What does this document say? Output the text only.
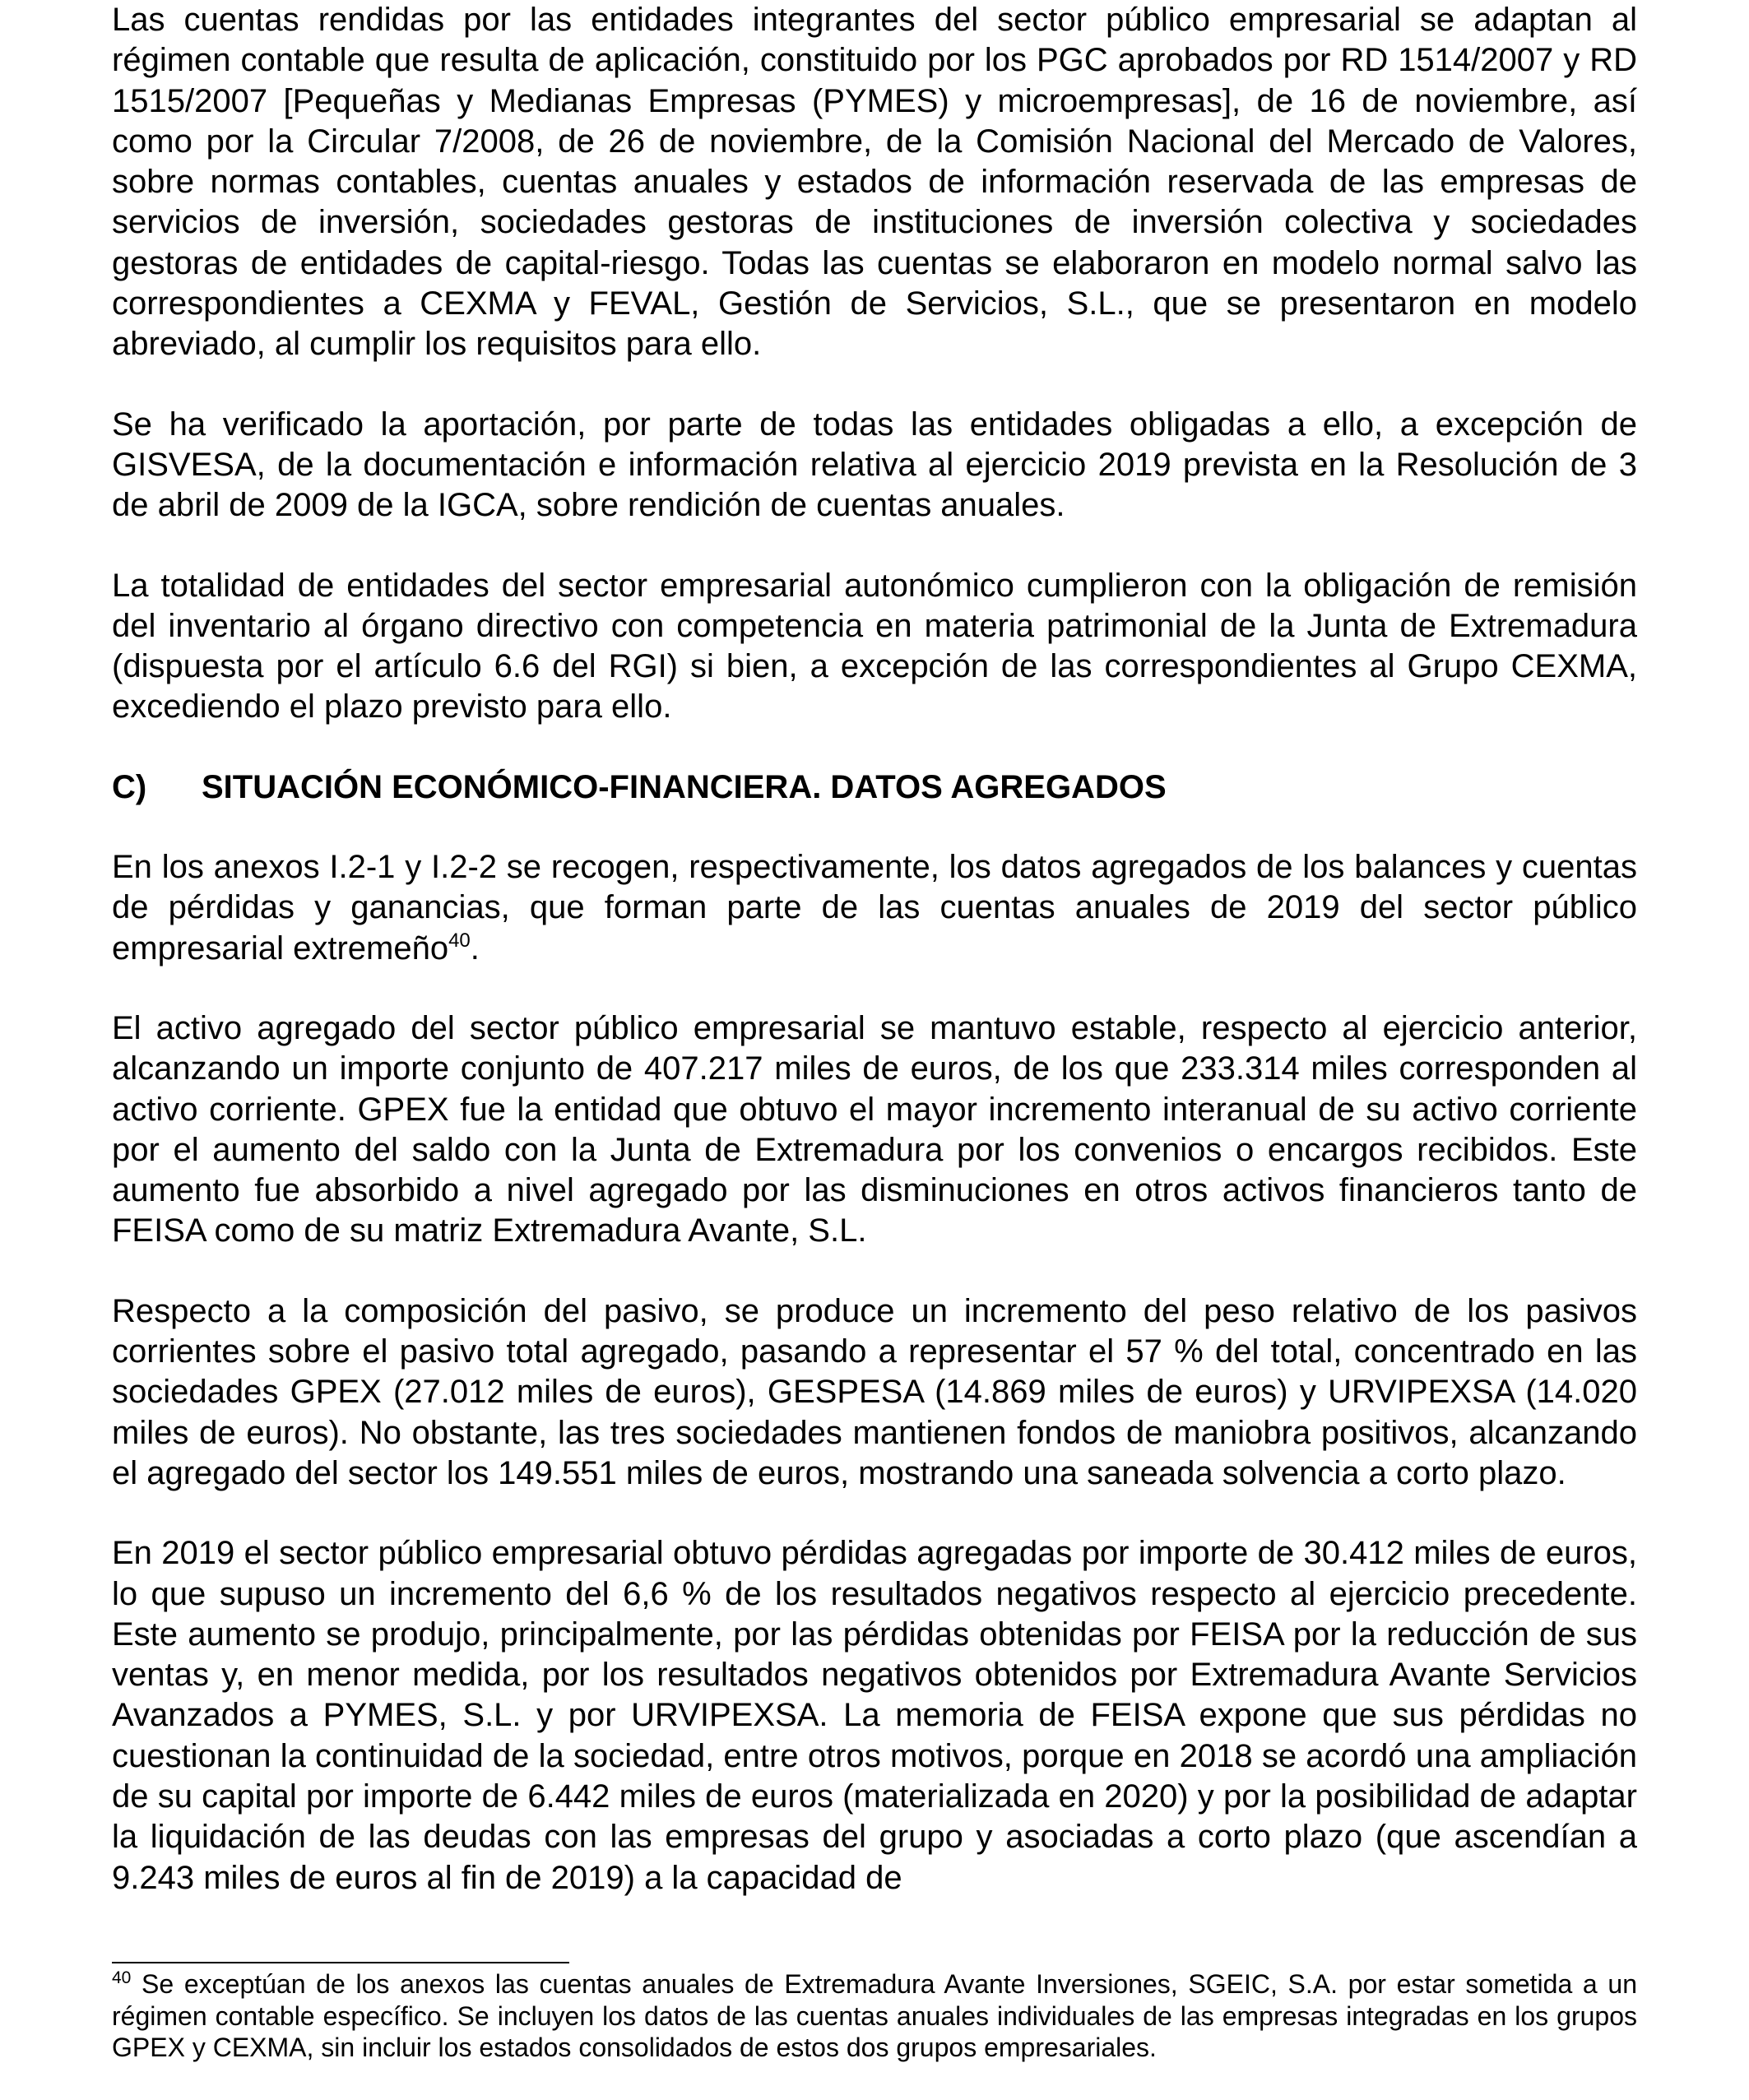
Las cuentas rendidas por las entidades integrantes del sector público empresarial se adaptan al régimen contable que resulta de aplicación, constituido por los PGC aprobados por RD 1514/2007 y RD 1515/2007 [Pequeñas y Medianas Empresas (PYMES) y microempresas], de 16 de noviembre, así como por la Circular 7/2008, de 26 de noviembre, de la Comisión Nacional del Mercado de Valores, sobre normas contables, cuentas anuales y estados de información reservada de las empresas de servicios de inversión, sociedades gestoras de instituciones de inversión colectiva y sociedades gestoras de entidades de capital-riesgo. Todas las cuentas se elaboraron en modelo normal salvo las correspondientes a CEXMA y FEVAL, Gestión de Servicios, S.L., que se presentaron en modelo abreviado, al cumplir los requisitos para ello.

Se ha verificado la aportación, por parte de todas las entidades obligadas a ello, a excepción de GISVESA, de la documentación e información relativa al ejercicio 2019 prevista en la Resolución de 3 de abril de 2009 de la IGCA, sobre rendición de cuentas anuales.

La totalidad de entidades del sector empresarial autonómico cumplieron con la obligación de remisión del inventario al órgano directivo con competencia en materia patrimonial de la Junta de Extremadura (dispuesta por el artículo 6.6 del RGI) si bien, a excepción de las correspondientes al Grupo CEXMA, excediendo el plazo previsto para ello.

C)	SITUACIÓN ECONÓMICO-FINANCIERA. DATOS AGREGADOS

En los anexos I.2-1 y I.2-2 se recogen, respectivamente, los datos agregados de los balances y cuentas de pérdidas y ganancias, que forman parte de las cuentas anuales de 2019 del sector público empresarial extremeño$^{40}$.

El activo agregado del sector público empresarial se mantuvo estable, respecto al ejercicio anterior, alcanzando un importe conjunto de 407.217 miles de euros, de los que 233.314 miles corresponden al activo corriente. GPEX fue la entidad que obtuvo el mayor incremento interanual de su activo corriente por el aumento del saldo con la Junta de Extremadura por los convenios o encargos recibidos. Este aumento fue absorbido a nivel agregado por las disminuciones en otros activos financieros tanto de FEISA como de su matriz Extremadura Avante, S.L.

Respecto a la composición del pasivo, se produce un incremento del peso relativo de los pasivos corrientes sobre el pasivo total agregado, pasando a representar el 57 % del total, concentrado en las sociedades GPEX (27.012 miles de euros), GESPESA (14.869 miles de euros) y URVIPEXSA (14.020 miles de euros). No obstante, las tres sociedades mantienen fondos de maniobra positivos, alcanzando el agregado del sector los 149.551 miles de euros, mostrando una saneada solvencia a corto plazo.

En 2019 el sector público empresarial obtuvo pérdidas agregadas por importe de 30.412 miles de euros, lo que supuso un incremento del 6,6 % de los resultados negativos respecto al ejercicio precedente. Este aumento se produjo, principalmente, por las pérdidas obtenidas por FEISA por la reducción de sus ventas y, en menor medida, por los resultados negativos obtenidos por Extremadura Avante Servicios Avanzados a PYMES, S.L. y por URVIPEXSA. La memoria de FEISA expone que sus pérdidas no cuestionan la continuidad de la sociedad, entre otros motivos, porque en 2018 se acordó una ampliación de su capital por importe de 6.442 miles de euros (materializada en 2020) y por la posibilidad de adaptar la liquidación de las deudas con las empresas del grupo y asociadas a corto plazo (que ascendían a 9.243 miles de euros al fin de 2019) a la capacidad de

$^{40}$ Se exceptúan de los anexos las cuentas anuales de Extremadura Avante Inversiones, SGEIC, S.A. por estar sometida a un régimen contable específico. Se incluyen los datos de las cuentas anuales individuales de las empresas integradas en los grupos GPEX y CEXMA, sin incluir los estados consolidados de estos dos grupos empresariales.
